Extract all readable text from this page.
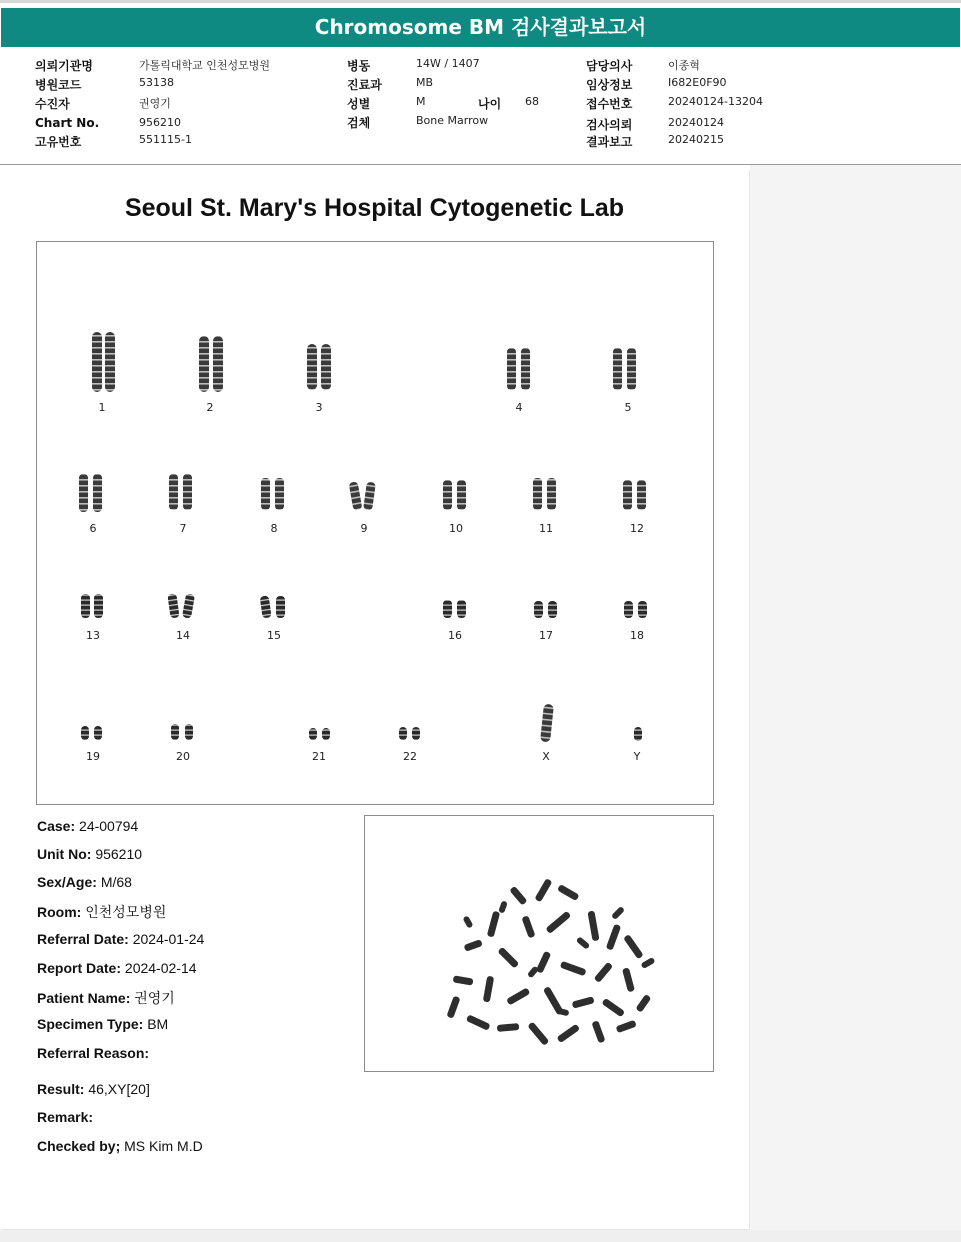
Chromosome BM 검사결과보고서
의뢰기관명	가톨릭대학교 인천성모병원
병원코드	53138
수진자	권영기
Chart No.	956210
고유번호	551115-1
병동	14W / 1407
진료과	MB
성별	M	나이 68
검체	Bone Marrow
담당의사	이종혁
임상정보	I682E0F90
접수번호	20240124-13204
검사의뢰	20240124
결과보고	20240215
Seoul St. Mary's Hospital Cytogenetic Lab
1	2	3	4	5
6	7	8	9	10	11	12
13	14	15	16	17	18
19	20	21	22	X	Y
Case: 24-00794
Unit No: 956210
Sex/Age: M/68
Room: 인천성모병원
Referral Date: 2024-01-24
Report Date: 2024-02-14
Patient Name: 권영기
Specimen Type: BM
Referral Reason:
Result: 46,XY[20]
Remark:
Checked by; MS Kim M.D
